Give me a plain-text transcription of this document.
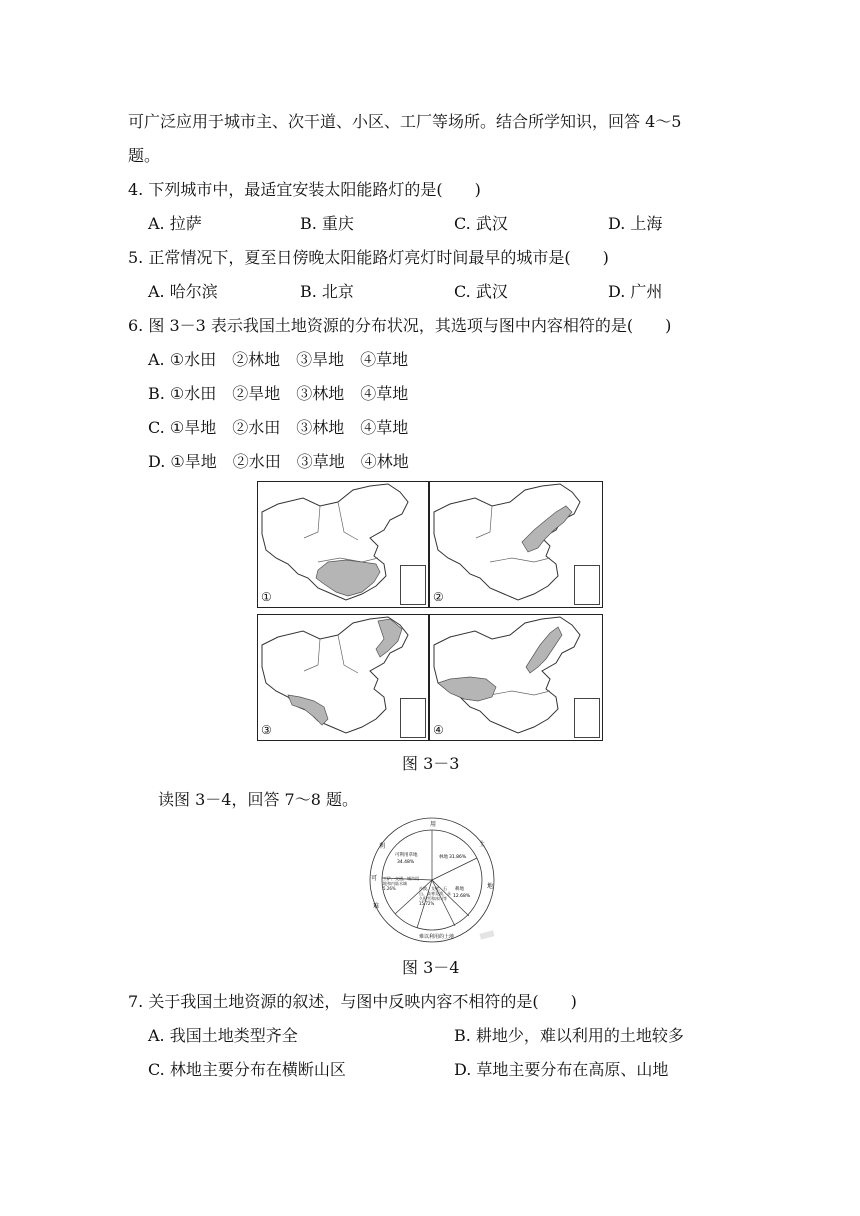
可广泛应用于城市主、次干道、小区、工厂等场所。结合所学知识，回答 4～5
题。
4. 下列城市中，最适宜安装太阳能路灯的是(　　)
A. 拉萨	B. 重庆	C. 武汉	D. 上海
5. 正常情况下，夏至日傍晚太阳能路灯亮灯时间最早的城市是(　　)
A. 哈尔滨	B. 北京	C. 武汉	D. 广州
6. 图 3－3 表示我国土地资源的分布状况，其选项与图中内容相符的是(　　)
A. ①水田　②林地　③旱地　④草地
B. ①水田　②旱地　③林地　④草地
C. ①旱地　②水田　③林地　④草地
D. ①旱地　②水田　③草地　④林地
①	②
③	④
图 3－3
读图 3－4，回答 7～8 题。
用
土
地
可
利
难
难以利用的土地
可利用草地
34.48%
林地 31.86%
耕地
12.68%
沙漠、戈壁、石山、高寒荒漠、永久积雪和冰川等15.72%
工矿、交通、城市用地和内陆水域5.26%
图 3－4
7. 关于我国土地资源的叙述，与图中反映内容不相符的是(　　)
A. 我国土地类型齐全	B. 耕地少，难以利用的土地较多
C. 林地主要分布在横断山区	D. 草地主要分布在高原、山地
